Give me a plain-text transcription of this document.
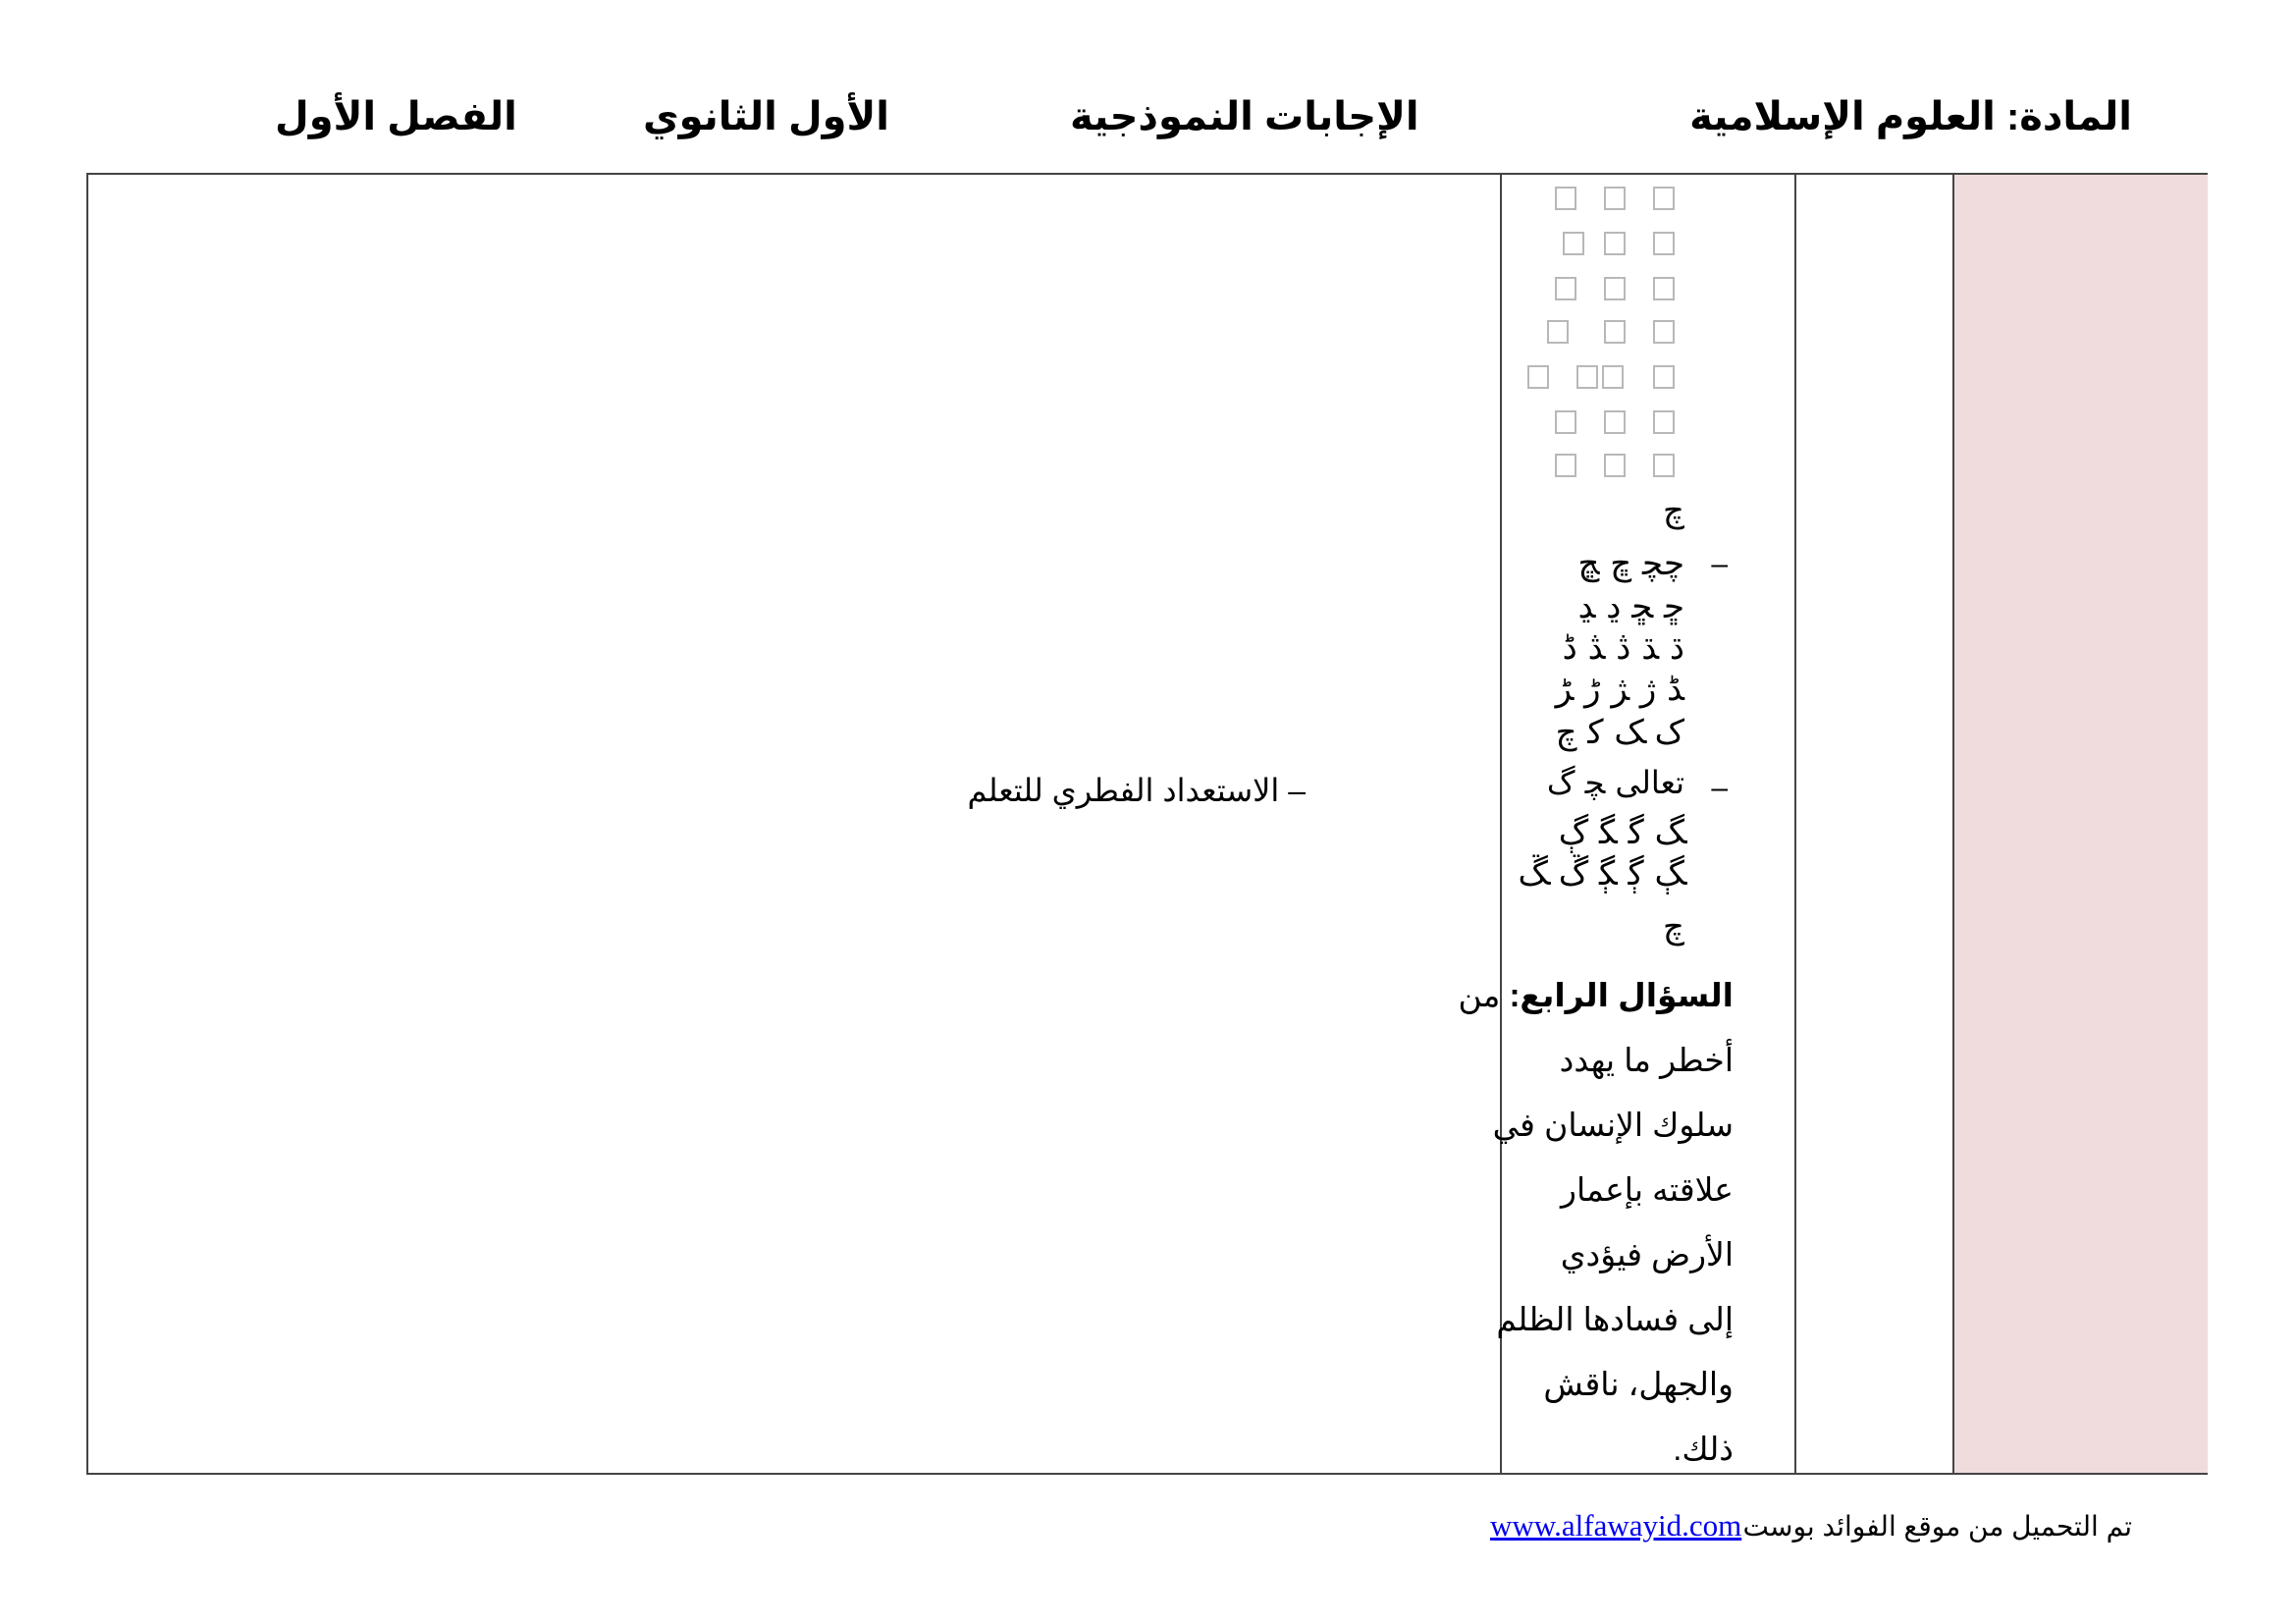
المادة: العلوم الإسلامية
الإجابات النموذجية
الأول الثانوي
الفصل الأول
چ
–
ﭼﭽ ﭾ ﭿ
ﮀ ﮁ ﮂ ﮃ
ﮄ ﮅ ﮆ ﮇ ﮈ
ﮉ ﮊ ﮋ ﮌ ﮍ
ﮎ ﮏ ﮐ چ
–
تعالى ﭽ ﮒ
ﮓ ﮔ ﮕ ﮖ
ﮗ ﮘ ﮙ ﮚ ﮛ
چ
السؤال الرابع: من
أخطر ما يهدد
سلوك الإنسان في
علاقته بإعمار
الأرض فيؤدي
إلى فسادها الظلم
والجهل، ناقش
ذلك.
– الاستعداد الفطري للتعلم
تم التحميل من موقع الفوائد بوست
www.alfawayid.com
